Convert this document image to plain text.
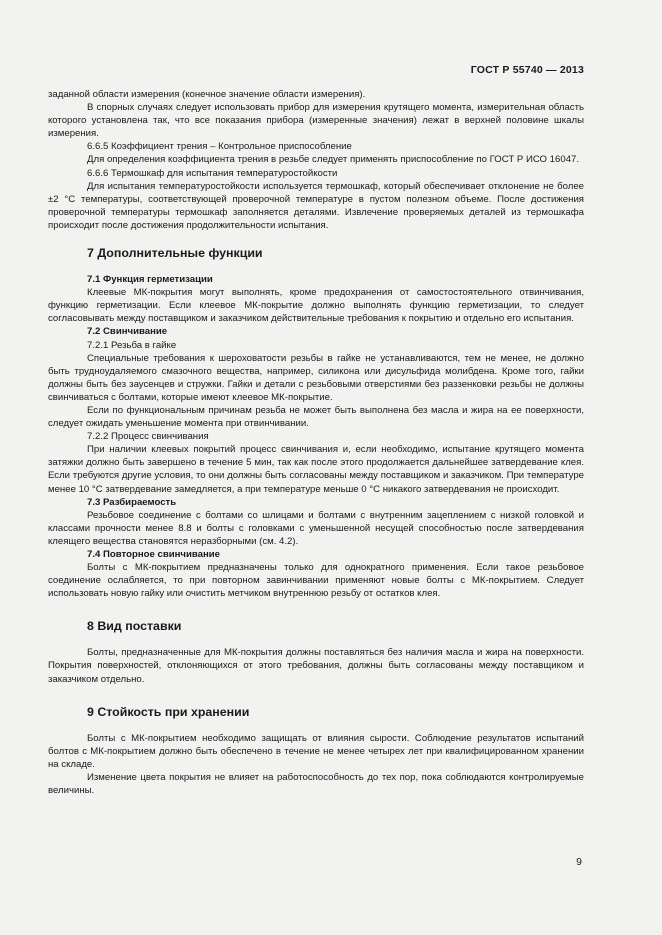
ГОСТ Р 55740 — 2013

заданной области измерения (конечное значение области измерения).

В спорных случаях следует использовать прибор для измерения крутящего момента, измерительная область которого установлена так, что все показания прибора (измеренные значения) лежат в верхней половине шкалы измерения.

6.6.5 Коэффициент трения – Контрольное приспособление

Для определения коэффициента трения в резьбе следует применять приспособление по ГОСТ Р ИСО 16047.

6.6.6 Термошкаф для испытания температуростойкости

Для испытания температуростойкости используется термошкаф, который обеспечивает отклонение не более ±2 °С температуры, соответствующей проверочной температуре в пустом полезном объеме. После достижения проверочной температуры термошкаф заполняется деталями. Извлечение проверяемых деталей из термошкафа происходит после достижения продолжительности испытания.

7 Дополнительные функции

7.1 Функция герметизации

Клеевые МК-покрытия могут выполнять, кроме предохранения от самостостоятельного отвинчивания, функцию герметизации. Если клеевое МК-покрытие должно выполнять функцию герметизации, то следует согласовывать между поставщиком и заказчиком действительные требования к покрытию и отдельно его испытания.

7.2 Свинчивание

7.2.1 Резьба в гайке

Специальные требования к шероховатости резьбы в гайке не устанавливаются, тем не менее, не должно быть трудноудаляемого смазочного вещества, например, силикона или дисульфида молибдена. Кроме того, гайки должны быть без заусенцев и стружки. Гайки и детали с резьбовыми отверстиями без раззенковки резьбы не должны свинчиваться с болтами, которые имеют клеевое МК-покрытие.

Если по функциональным причинам резьба не может быть выполнена без масла и жира на ее поверхности, следует ожидать уменьшение момента при отвинчивании.

7.2.2 Процесс свинчивания

При наличии клеевых покрытий процесс свинчивания и, если необходимо, испытание крутящего момента затяжки должно быть завершено в течение 5 мин, так как после этого продолжается дальнейшее затвердевание клея. Если требуются другие условия, то они должны быть согласованы между поставщиком и заказчиком. При температуре менее 10 °С затвердевание замедляется, а при температуре меньше 0 °С никакого затвердевания не происходит.

7.3 Разбираемость

Резьбовое соединение с болтами со шлицами и болтами с внутренним зацеплением с низкой головкой и классами прочности менее 8.8 и болты с головками с уменьшенной несущей способностью после затвердевания клеящего вещества становятся неразборными (см. 4.2).

7.4 Повторное свинчивание

Болты с МК-покрытием предназначены только для однократного применения. Если такое резьбовое соединение ослабляется, то при повторном завинчивании применяют новые болты с МК-покрытием. Следует использовать новую гайку или очистить метчиком внутреннюю резьбу от остатков клея.

8 Вид поставки

Болты, предназначенные для МК-покрытия должны поставляться без наличия масла и жира на поверхности. Покрытия поверхностей, отклоняющихся от этого требования, должны быть согласованы между поставщиком и заказчиком отдельно.

9 Стойкость при хранении

Болты с МК-покрытием необходимо защищать от влияния сырости. Соблюдение результатов испытаний болтов с МК-покрытием должно быть обеспечено в течение не менее четырех лет при квалифицированном хранении на складе.

Изменение цвета покрытия не влияет на работоспособность до тех пор, пока соблюдаются контролируемые величины.

9
